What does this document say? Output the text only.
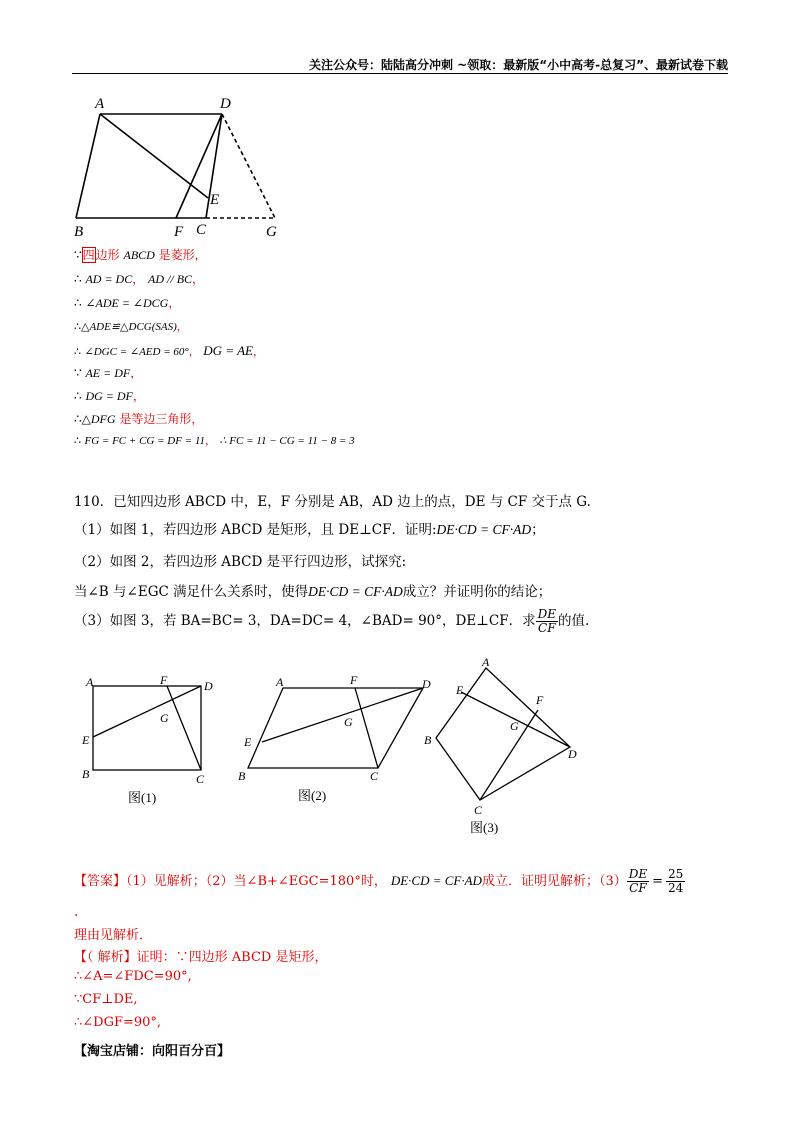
关注公众号：陆陆高分冲刺 ~领取：最新版“小中高考-总复习”、最新试卷下载
A	D
E
B	F C	G
∵四边形 ABCD 是菱形，
∴ AD = DC， AD // BC，
∴ ∠ADE = ∠DCG，
∴△ADE≌△DCG(SAS)，
∴ ∠DGC = ∠AED = 60°， DG = AE，
∵ AE = DF，
∴ DG = DF，
∴△DFG 是等边三角形，
∴ FG = FC + CG = DF = 11， ∴ FC = 11 − CG = 11 − 8 = 3
110．已知四边形 ABCD 中，E，F 分别是 AB，AD 边上的点，DE 与 CF 交于点 G.
（1）如图 1，若四边形 ABCD 是矩形，且 DE⊥CF．证明:DE·CD = CF·AD；
（2）如图 2，若四边形 ABCD 是平行四边形，试探究:
当∠B 与∠EGC 满足什么关系时，使得DE·CD = CF·AD成立？并证明你的结论；
（3）如图 3，若 BA=BC= 3，DA=DC= 4，∠BAD= 90°，DE⊥CF．求 $\frac{DE}{CF}$ 的值.
A	F	D
G
E
B	C
A	F	D
G
E
B	C
A
E
F
G
B
D
C
图(1)	图(2)
图(3)
【答案】（1）见解析；（2）当∠B+∠EGC=180°时， DE·CD = CF·AD成立．证明见解析；$(3) \frac{DE}{CF} = \frac{25}{24}$
.
理由见解析．
【（ 解析】证明：∵四边形 ABCD 是矩形，
∴∠A=∠FDC=90°,
∵CF⊥DE,
∴∠DGF=90°,
【淘宝店铺：向阳百分百】
